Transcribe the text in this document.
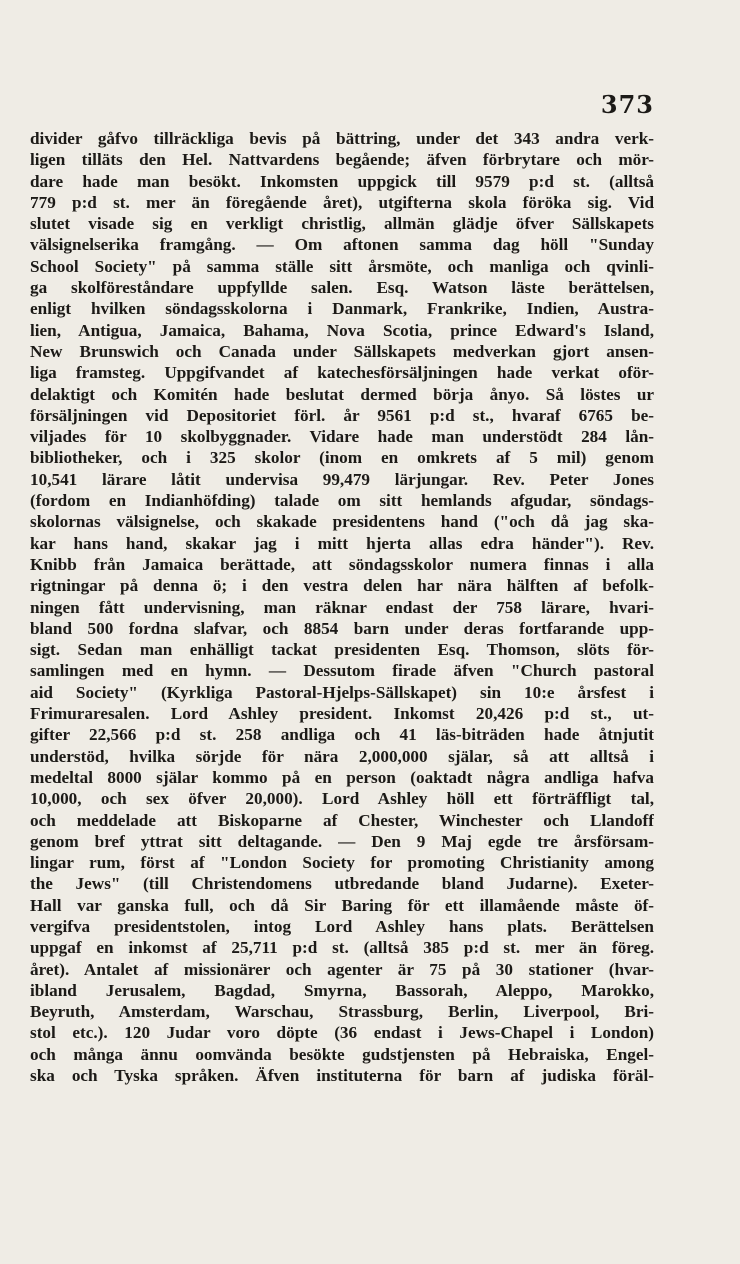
373
divider gåfvo tillräckliga bevis på bättring, under det 343 andra verk-
ligen tilläts den Hel. Nattvardens begående; äfven förbrytare och mör-
dare hade man besökt. Inkomsten uppgick till 9579 p:d st. (alltså
779 p:d st. mer än föregående året), utgifterna skola föröka sig. Vid
slutet visade sig en verkligt christlig, allmän glädje öfver Sällskapets
välsignelserika framgång. — Om aftonen samma dag höll "Sunday
School Society" på samma ställe sitt årsmöte, och manliga och qvinli-
ga skolföreståndare uppfyllde salen. Esq. Watson läste berättelsen,
enligt hvilken söndagsskolorna i Danmark, Frankrike, Indien, Austra-
lien, Antigua, Jamaica, Bahama, Nova Scotia, prince Edward's Island,
New Brunswich och Canada under Sällskapets medverkan gjort ansen-
liga framsteg. Uppgifvandet af katechesförsäljningen hade verkat oför-
delaktigt och Komitén hade beslutat dermed börja ånyo. Så löstes ur
försäljningen vid Depositoriet förl. år 9561 p:d st., hvaraf 6765 be-
viljades för 10 skolbyggnader. Vidare hade man understödt 284 lån-
bibliotheker, och i 325 skolor (inom en omkrets af 5 mil) genom
10,541 lärare låtit undervisa 99,479 lärjungar. Rev. Peter Jones
(fordom en Indianhöfding) talade om sitt hemlands afgudar, söndags-
skolornas välsignelse, och skakade presidentens hand ("och då jag ska-
kar hans hand, skakar jag i mitt hjerta allas edra händer"). Rev.
Knibb från Jamaica berättade, att söndagsskolor numera finnas i alla
rigtningar på denna ö; i den vestra delen har nära hälften af befolk-
ningen fått undervisning, man räknar endast der 758 lärare, hvari-
bland 500 fordna slafvar, och 8854 barn under deras fortfarande upp-
sigt. Sedan man enhälligt tackat presidenten Esq. Thomson, slöts för-
samlingen med en hymn. — Dessutom firade äfven "Church pastoral
aid Society" (Kyrkliga Pastoral-Hjelps-Sällskapet) sin 10:e årsfest i
Frimuraresalen. Lord Ashley president. Inkomst 20,426 p:d st., ut-
gifter 22,566 p:d st. 258 andliga och 41 läs-biträden hade åtnjutit
understöd, hvilka sörjde för nära 2,000,000 själar, så att alltså i
medeltal 8000 själar kommo på en person (oaktadt några andliga hafva
10,000, och sex öfver 20,000). Lord Ashley höll ett förträffligt tal,
och meddelade att Biskoparne af Chester, Winchester och Llandoff
genom bref yttrat sitt deltagande. — Den 9 Maj egde tre årsförsam-
lingar rum, först af "London Society for promoting Christianity among
the Jews" (till Christendomens utbredande bland Judarne). Exeter-
Hall var ganska full, och då Sir Baring för ett illamående måste öf-
vergifva presidentstolen, intog Lord Ashley hans plats. Berättelsen
uppgaf en inkomst af 25,711 p:d st. (alltså 385 p:d st. mer än föreg.
året). Antalet af missionärer och agenter är 75 på 30 stationer (hvar-
ibland Jerusalem, Bagdad, Smyrna, Bassorah, Aleppo, Marokko,
Beyruth, Amsterdam, Warschau, Strassburg, Berlin, Liverpool, Bri-
stol etc.). 120 Judar voro döpte (36 endast i Jews-Chapel i London)
och många ännu oomvända besökte gudstjensten på Hebraiska, Engel-
ska och Tyska språken. Äfven instituterna för barn af judiska föräl-
